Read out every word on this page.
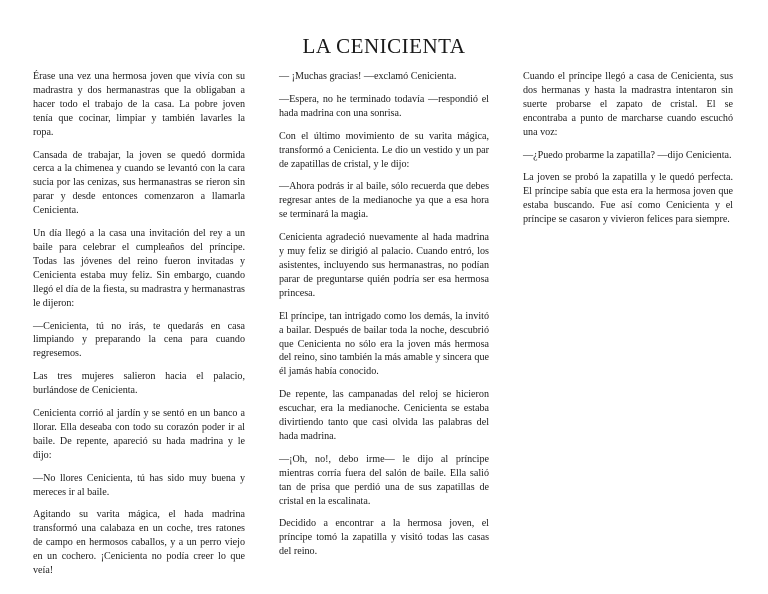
LA CENICIENTA

Érase una vez una hermosa joven que vivía con su madrastra y dos hermanastras que la obligaban a hacer todo el trabajo de la casa. La pobre joven tenía que cocinar, limpiar y también lavarles la ropa.

Cansada de trabajar, la joven se quedó dormida cerca a la chimenea y cuando se levantó con la cara sucia por las cenizas, sus hermanastras se rieron sin parar y desde entonces comenzaron a llamarla Cenicienta.

Un día llegó a la casa una invitación del rey a un baile para celebrar el cumpleaños del príncipe. Todas las jóvenes del reino fueron invitadas y Cenicienta estaba muy feliz. Sin embargo, cuando llegó el día de la fiesta, su madrastra y hermanastras le dijeron:

—Cenicienta, tú no irás, te quedarás en casa limpiando y preparando la cena para cuando regresemos.

Las tres mujeres salieron hacia el palacio, burlándose de Cenicienta.

Cenicienta corrió al jardín y se sentó en un banco a llorar. Ella deseaba con todo su corazón poder ir al baile. De repente, apareció su hada madrina y le dijo:

—No llores Cenicienta, tú has sido muy buena y mereces ir al baile.

Agitando su varita mágica, el hada madrina transformó una calabaza en un coche, tres ratones de campo en hermosos caballos, y a un perro viejo en un cochero. ¡Cenicienta no podía creer lo que veía!

— ¡Muchas gracias! —exclamó Cenicienta.

—Espera, no he terminado todavía —respondió el hada madrina con una sonrisa.

Con el último movimiento de su varita mágica, transformó a Cenicienta. Le dio un vestido y un par de zapatillas de cristal, y le dijo:

—Ahora podrás ir al baile, sólo recuerda que debes regresar antes de la medianoche ya que a esa hora se terminará la magia.

Cenicienta agradeció nuevamente al hada madrina y muy feliz se dirigió al palacio. Cuando entró, los asistentes, incluyendo sus hermanastras, no podían parar de preguntarse quién podría ser esa hermosa princesa.

El príncipe, tan intrigado como los demás, la invitó a bailar. Después de bailar toda la noche, descubrió que Cenicienta no sólo era la joven más hermosa del reino, sino también la más amable y sincera que él jamás había conocido.

De repente, las campanadas del reloj se hicieron escuchar, era la medianoche. Cenicienta se estaba divirtiendo tanto que casi olvida las palabras del hada madrina.

—¡Oh, no!, debo irme— le dijo al príncipe mientras corría fuera del salón de baile. Ella salió tan de prisa que perdió una de sus zapatillas de cristal en la escalinata.

Decidido a encontrar a la hermosa joven, el príncipe tomó la zapatilla y visitó todas las casas del reino.

Cuando el príncipe llegó a casa de Cenicienta, sus dos hermanas y hasta la madrastra intentaron sin suerte probarse el zapato de cristal. El se encontraba a punto de marcharse cuando escuchó una voz:

—¿Puedo probarme la zapatilla? —dijo Cenicienta.

La joven se probó la zapatilla y le quedó perfecta. El príncipe sabía que esta era la hermosa joven que estaba buscando. Fue así como Cenicienta y el príncipe se casaron y vivieron felices para siempre.
